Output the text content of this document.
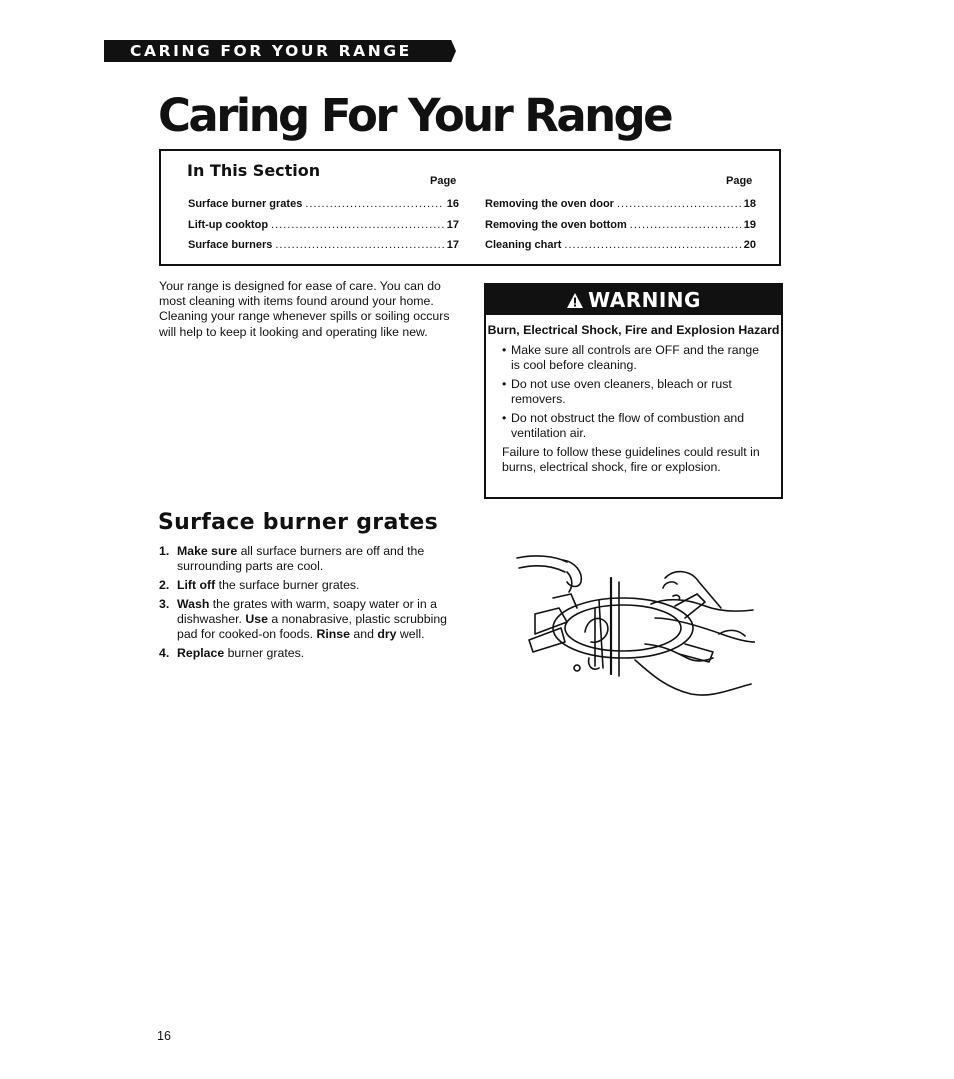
CARING FOR YOUR RANGE
Caring For Your Range
In This Section
Page	Page
Surface burner grates .....	16
Lift-up cooktop .....	17
Surface burners .....	17
Removing the oven door .....	18
Removing the oven bottom .....	19
Cleaning chart .....	20

Your range is designed for ease of care. You can do most cleaning with items found around your home. Cleaning your range whenever spills or soiling occurs will help to keep it looking and operating like new.

WARNING

Burn, Electrical Shock, Fire and Explosion Hazard

• Make sure all controls are OFF and the range is cool before cleaning.
• Do not use oven cleaners, bleach or rust removers.
• Do not obstruct the flow of combustion and ventilation air.

Failure to follow these guidelines could result in burns, electrical shock, fire or explosion.

Surface burner grates
1. Make sure all surface burners are off and the surrounding parts are cool.
2. Lift off the surface burner grates.
3. Wash the grates with warm, soapy water or in a dishwasher. Use a nonabrasive, plastic scrubbing pad for cooked-on foods. Rinse and dry well.
4. Replace burner grates.
16
